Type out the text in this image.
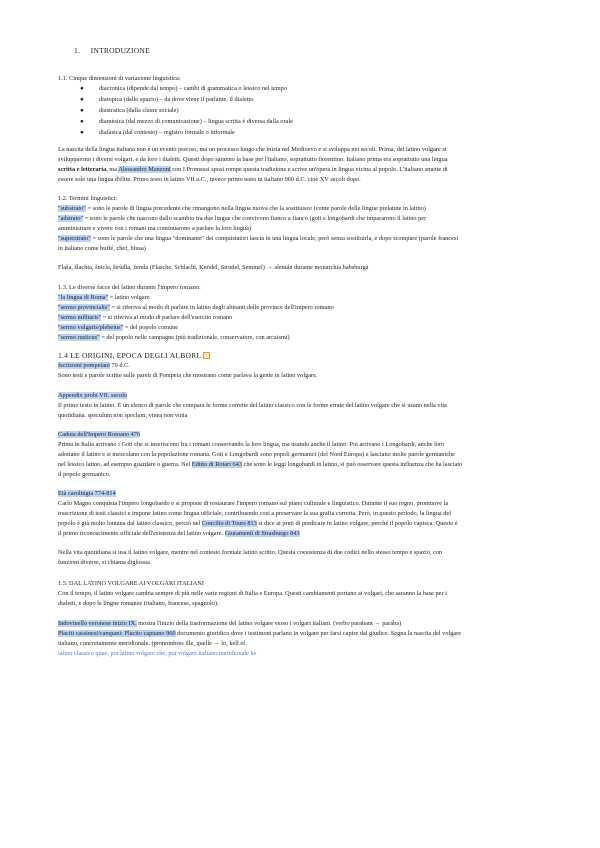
1. INTRODUZIONE
1.1. Cinque dimensioni di variazione linguistica:
● diacronica (dipende dal tempo) – cambi di grammatica o lessico nel tempo
● diatopica (dallo spazio) – da dove viene il parlante, il dialetto
● diastratica (dalla classe sociale)
● diamèsica (dal mezzo di comunicazione) – lingua scritta è diversa dalla orale
● diafàsica (dal contesto) – registro formale o informale
La nascita della lingua italiana non è un evento preciso, ma un processo lungo che inizia nel Medioevo e si sviluppa nei secoli. Prima, del latino volgare si
svilupparono i diversi volgari, e da loro i dialetti. Questi dopo saranno la base per l'italiano, soprattutto fiorentino. Italiano prima era soprattutto una lingua
scritta e letteraria, ma Alessandro Manzoni con I Promessi sposi rompe questa tradizione e scrive un'opera in lingua vicina al popolo. L'italiano smette di
essere solo una lingua d'élite. Primo testo in latino VII a.C., invece primo testo in italiano 960 d.C. cioè XV secoli dopo.
1.2. Termini linguistici:
"substrato" = sono le parole di lingua precedente che rimangono nella lingua nuova che la sostituisce (come parole delle lingue prelatine in latino)
"adstrato" = sono le parole che nascono dallo scambio tra due lingue che convivono fianco a fianco (goti e longobardi che impararono il latino per
amministrare e vivere con i romani ma continuarono a parlare la loro lingua)
"superstrato" = sono le parole che una lingua "dominante" dei conquistatori lascia in una lingua locale, però senza sostituirla, e dopo scompare (parole francesi
in italiano come buffé, chef, blusa)
Flaša, šlachta, šnicla, štrùdla, žemla (Flasche, Schlacht, Knödel, Strudel, Semmel) → alemán durante monarchia habsburga
1.3. Le diverse facce del latino durante l'impero romano:
"la lingua di Roma" = latino volgare
"sermo provincialis" = si riferiva al modo di parlare in latino degli abitanti delle province dell'impero romano
"sermo militaris" = si riferiva al modo di parlare dell'esercito romano
"sermo vulgaris/plebeius" = del popolo comune
"sermo rusticus" = del popolo nelle campagne (più tradizionale, conservatore, con arcaismi)
1.4 LE ORIGINI, EPOCA DEGLI ALBORI.
Iscrizioni pompeiani 79 d.C.
Sono testi e parole scritte sulle pareti di Pompeia che mostrano come parlava la gente in latino volgare.
Appendix probi VII. secolo
Il primo testo in latino. È un elenco di parole che compara le forme corrette del latino classico con le forme errate del latino volgare che si usano nella vita
quotidiana. speculum non speclum, vinea non vinia
Caduta dell'Impero Romano 476
Prima in Italia arrivano i Goti che si inseriscono fra i romani conservando la loro lingua, ma usando anche il latino. Poi arrivano i Longobardi, anche loro
adottano il latino e si mescolano con la popolazione romana. Goti e Longobardi sono popoli germanici (del Nord Europa) e lasciano molte parole germaniche
nel lessico latino, ad esempio guardare o guerra. Nel Editto di Rotari 643 che sono le leggi longobardi in latino, si può osservare questa influenza che ha lasciato
il popolo germanico.
Età carolingia 774-814
Carlo Magno conquista l'impero longobardo e si propone di restaurare l'impero romano sul piano culturale e linguistico. Durante il suo regno, promuove la
trascrizione di testi classici e impone latino come lingua ufficiale, contribuendo così a preservare la sua grafia corretta. Però, in questo periodo, la lingua del
popolo è già molto lontana dal latino classico, perciò nel Concilio di Tours 813 si dice ai preti di predicare in latino volgare, perché il popolo capisca. Questo è
il primo riconoscimento ufficiale dell'esistenza del latino volgare. Giuramenti di Strasburgo 843
Nella vita quotidiana si usa il latino volgare, mentre nel contesto formale latino scritto. Questa coesistenza di due codici nello stesso tempo e spazio, con
funzioni diverse, si chiama diglossia.
1.5. DAL LATINO VOLGARE AI VOLGARI ITALIANI
Con il tempo, il latino volgare cambia sempre di più nelle varie regioni di Italia e Europa. Questi cambiamenti portano ai volgari, che saranno la base per i
dialetti, e dopo le lingue romanze (italiano, francese, spagnolo).
Indovinello veronese inizio IX. mostra l'inizio della trasformazione del latino volgare verso i volgari italiani. (verbo parabant → parába)
Placiti cassinesi/campani: Placito capuano 960 documento giuridico dove i testimoni parlano in volgare per farsi capire dal giudice. Segna la nascita del volgare
italiano, concretamente meridionale. (pronombres ille, quelle → lo, kell ef.
latino classico quae, poi latino volgare che, poi volgare italiano meridionale ke
